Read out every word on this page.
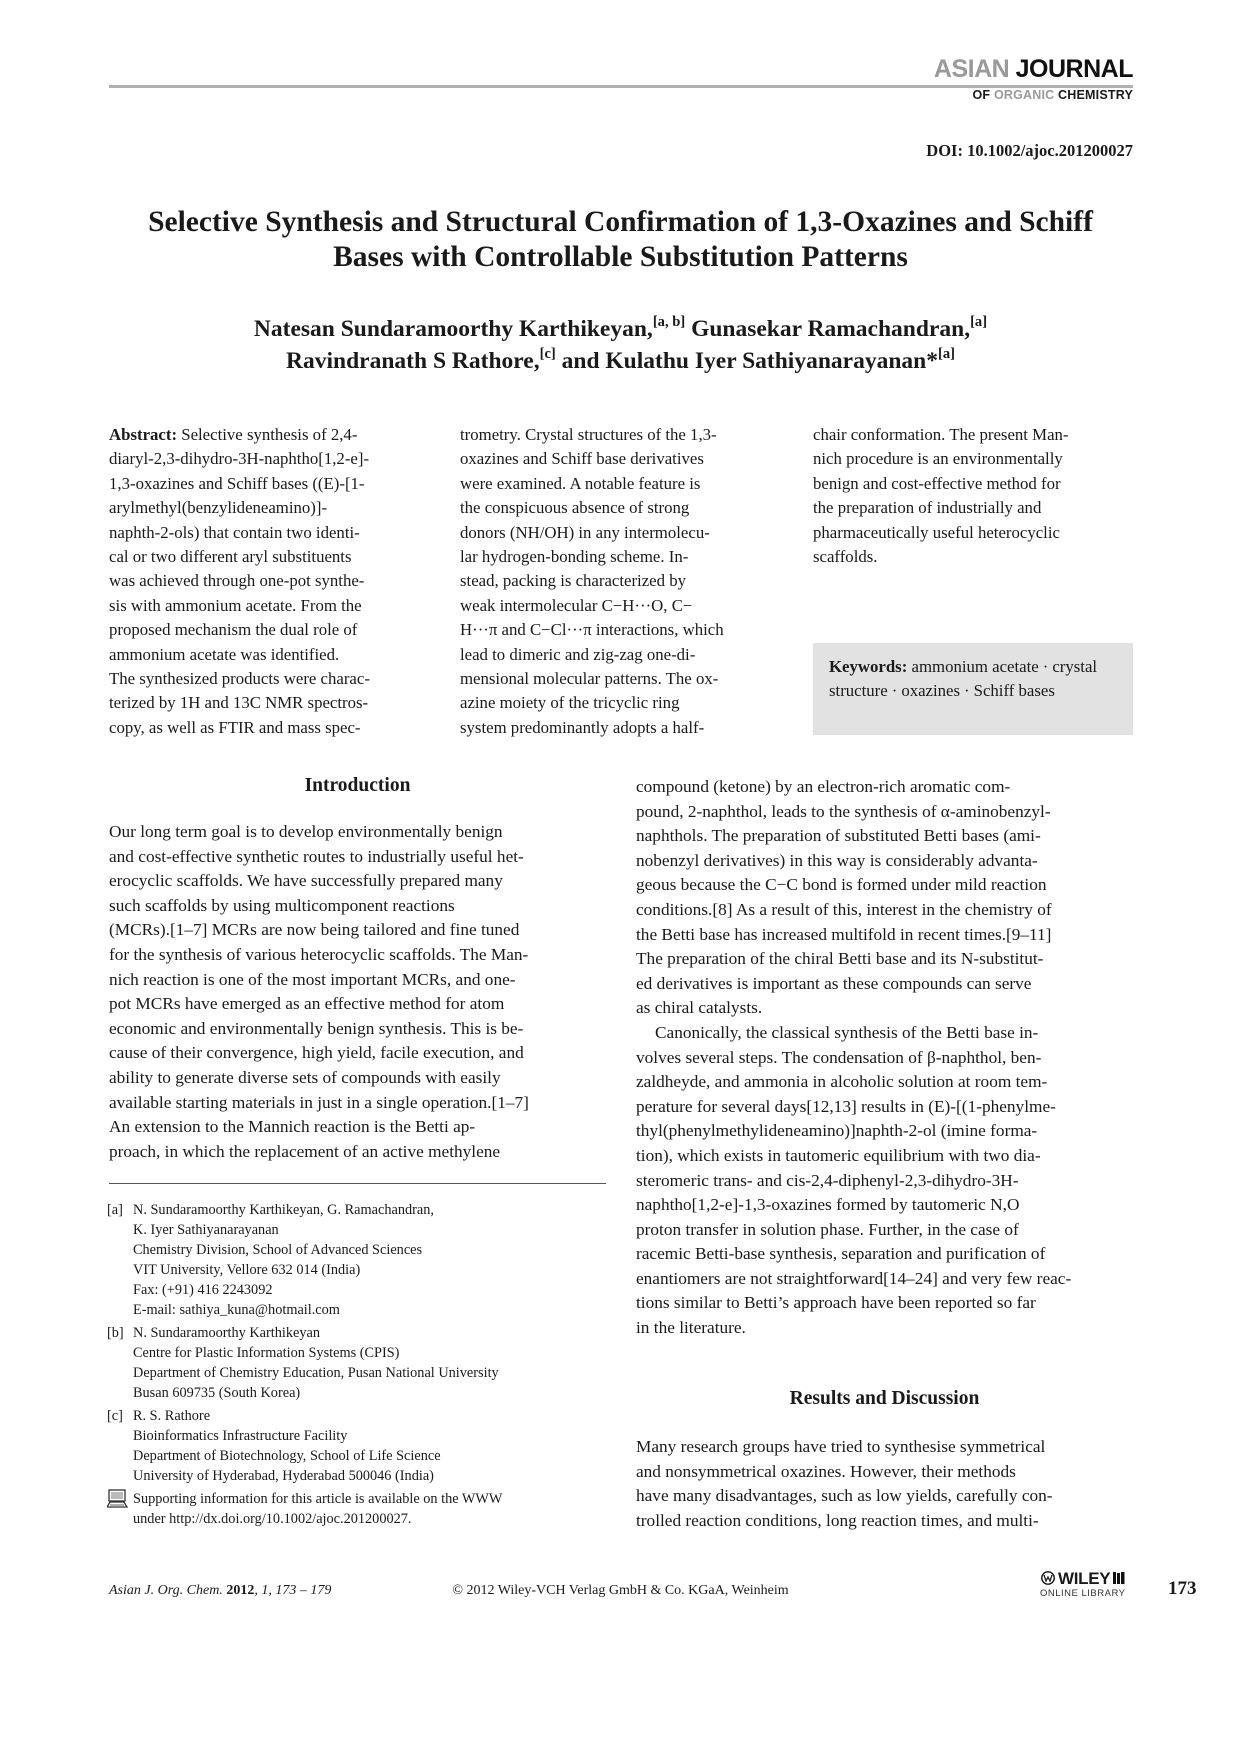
ASIAN JOURNAL
OF ORGANIC CHEMISTRY
DOI: 10.1002/ajoc.201200027
Selective Synthesis and Structural Confirmation of 1,3-Oxazines and Schiff
Bases with Controllable Substitution Patterns
Natesan Sundaramoorthy Karthikeyan,[a, b] Gunasekar Ramachandran,[a]
Ravindranath S Rathore,[c] and Kulathu Iyer Sathiyanarayanan*[a]
Abstract: Selective synthesis of 2,4-
diaryl-2,3-dihydro-3H-naphtho[1,2-e]-
1,3-oxazines and Schiff bases ((E)-[1-
arylmethyl(benzylideneamino)]-
naphth-2-ols) that contain two identi-
cal or two different aryl substituents
was achieved through one-pot synthe-
sis with ammonium acetate. From the
proposed mechanism the dual role of
ammonium acetate was identified.
The synthesized products were charac-
terized by 1H and 13C NMR spectros-
copy, as well as FTIR and mass spec-
trometry. Crystal structures of the 1,3-
oxazines and Schiff base derivatives
were examined. A notable feature is
the conspicuous absence of strong
donors (NH/OH) in any intermolecu-
lar hydrogen-bonding scheme. In-
stead, packing is characterized by
weak intermolecular C−H···O, C−
H···π and C−Cl···π interactions, which
lead to dimeric and zig-zag one-di-
mensional molecular patterns. The ox-
azine moiety of the tricyclic ring
system predominantly adopts a half-
chair conformation. The present Man-
nich procedure is an environmentally
benign and cost-effective method for
the preparation of industrially and
pharmaceutically useful heterocyclic
scaffolds.
Keywords: ammonium acetate · crystal structure · oxazines · Schiff bases
Introduction
Our long term goal is to develop environmentally benign
and cost-effective synthetic routes to industrially useful het-
erocyclic scaffolds. We have successfully prepared many
such scaffolds by using multicomponent reactions
(MCRs).[1–7] MCRs are now being tailored and fine tuned
for the synthesis of various heterocyclic scaffolds. The Man-
nich reaction is one of the most important MCRs, and one-
pot MCRs have emerged as an effective method for atom
economic and environmentally benign synthesis. This is be-
cause of their convergence, high yield, facile execution, and
ability to generate diverse sets of compounds with easily
available starting materials in just in a single operation.[1–7]
An extension to the Mannich reaction is the Betti ap-
proach, in which the replacement of an active methylene
compound (ketone) by an electron-rich aromatic com-
pound, 2-naphthol, leads to the synthesis of α-aminobenzyl-
naphthols. The preparation of substituted Betti bases (ami-
nobenzyl derivatives) in this way is considerably advanta-
geous because the C−C bond is formed under mild reaction
conditions.[8] As a result of this, interest in the chemistry of
the Betti base has increased multifold in recent times.[9–11]
The preparation of the chiral Betti base and its N-substitut-
ed derivatives is important as these compounds can serve
as chiral catalysts.
Canonically, the classical synthesis of the Betti base in-
volves several steps. The condensation of β-naphthol, ben-
zaldheyde, and ammonia in alcoholic solution at room tem-
perature for several days[12,13] results in (E)-[(1-phenylme-
thyl(phenylmethylideneamino)]naphth-2-ol (imine forma-
tion), which exists in tautomeric equilibrium with two dia-
steromeric trans- and cis-2,4-diphenyl-2,3-dihydro-3H-
naphtho[1,2-e]-1,3-oxazines formed by tautomeric N,O
proton transfer in solution phase. Further, in the case of
racemic Betti-base synthesis, separation and purification of
enantiomers are not straightforward[14–24] and very few reac-
tions similar to Betti’s approach have been reported so far
in the literature.
Results and Discussion
Many research groups have tried to synthesise symmetrical
and nonsymmetrical oxazines. However, their methods
have many disadvantages, such as low yields, carefully con-
trolled reaction conditions, long reaction times, and multi-
[a] N. Sundaramoorthy Karthikeyan, G. Ramachandran,
K. Iyer Sathiyanarayanan
Chemistry Division, School of Advanced Sciences
VIT University, Vellore 632 014 (India)
Fax: (+91) 416 2243092
E-mail: sathiya_kuna@hotmail.com
[b] N. Sundaramoorthy Karthikeyan
Centre for Plastic Information Systems (CPIS)
Department of Chemistry Education, Pusan National University
Busan 609735 (South Korea)
[c] R. S. Rathore
Bioinformatics Infrastructure Facility
Department of Biotechnology, School of Life Science
University of Hyderabad, Hyderabad 500046 (India)
Supporting information for this article is available on the WWW
under http://dx.doi.org/10.1002/ajoc.201200027.
© 2012 Wiley-VCH Verlag GmbH & Co. KGaA, Weinheim
Asian J. Org. Chem. 2012, 1, 173 – 179
WILEY
ONLINE LIBRARY	173
